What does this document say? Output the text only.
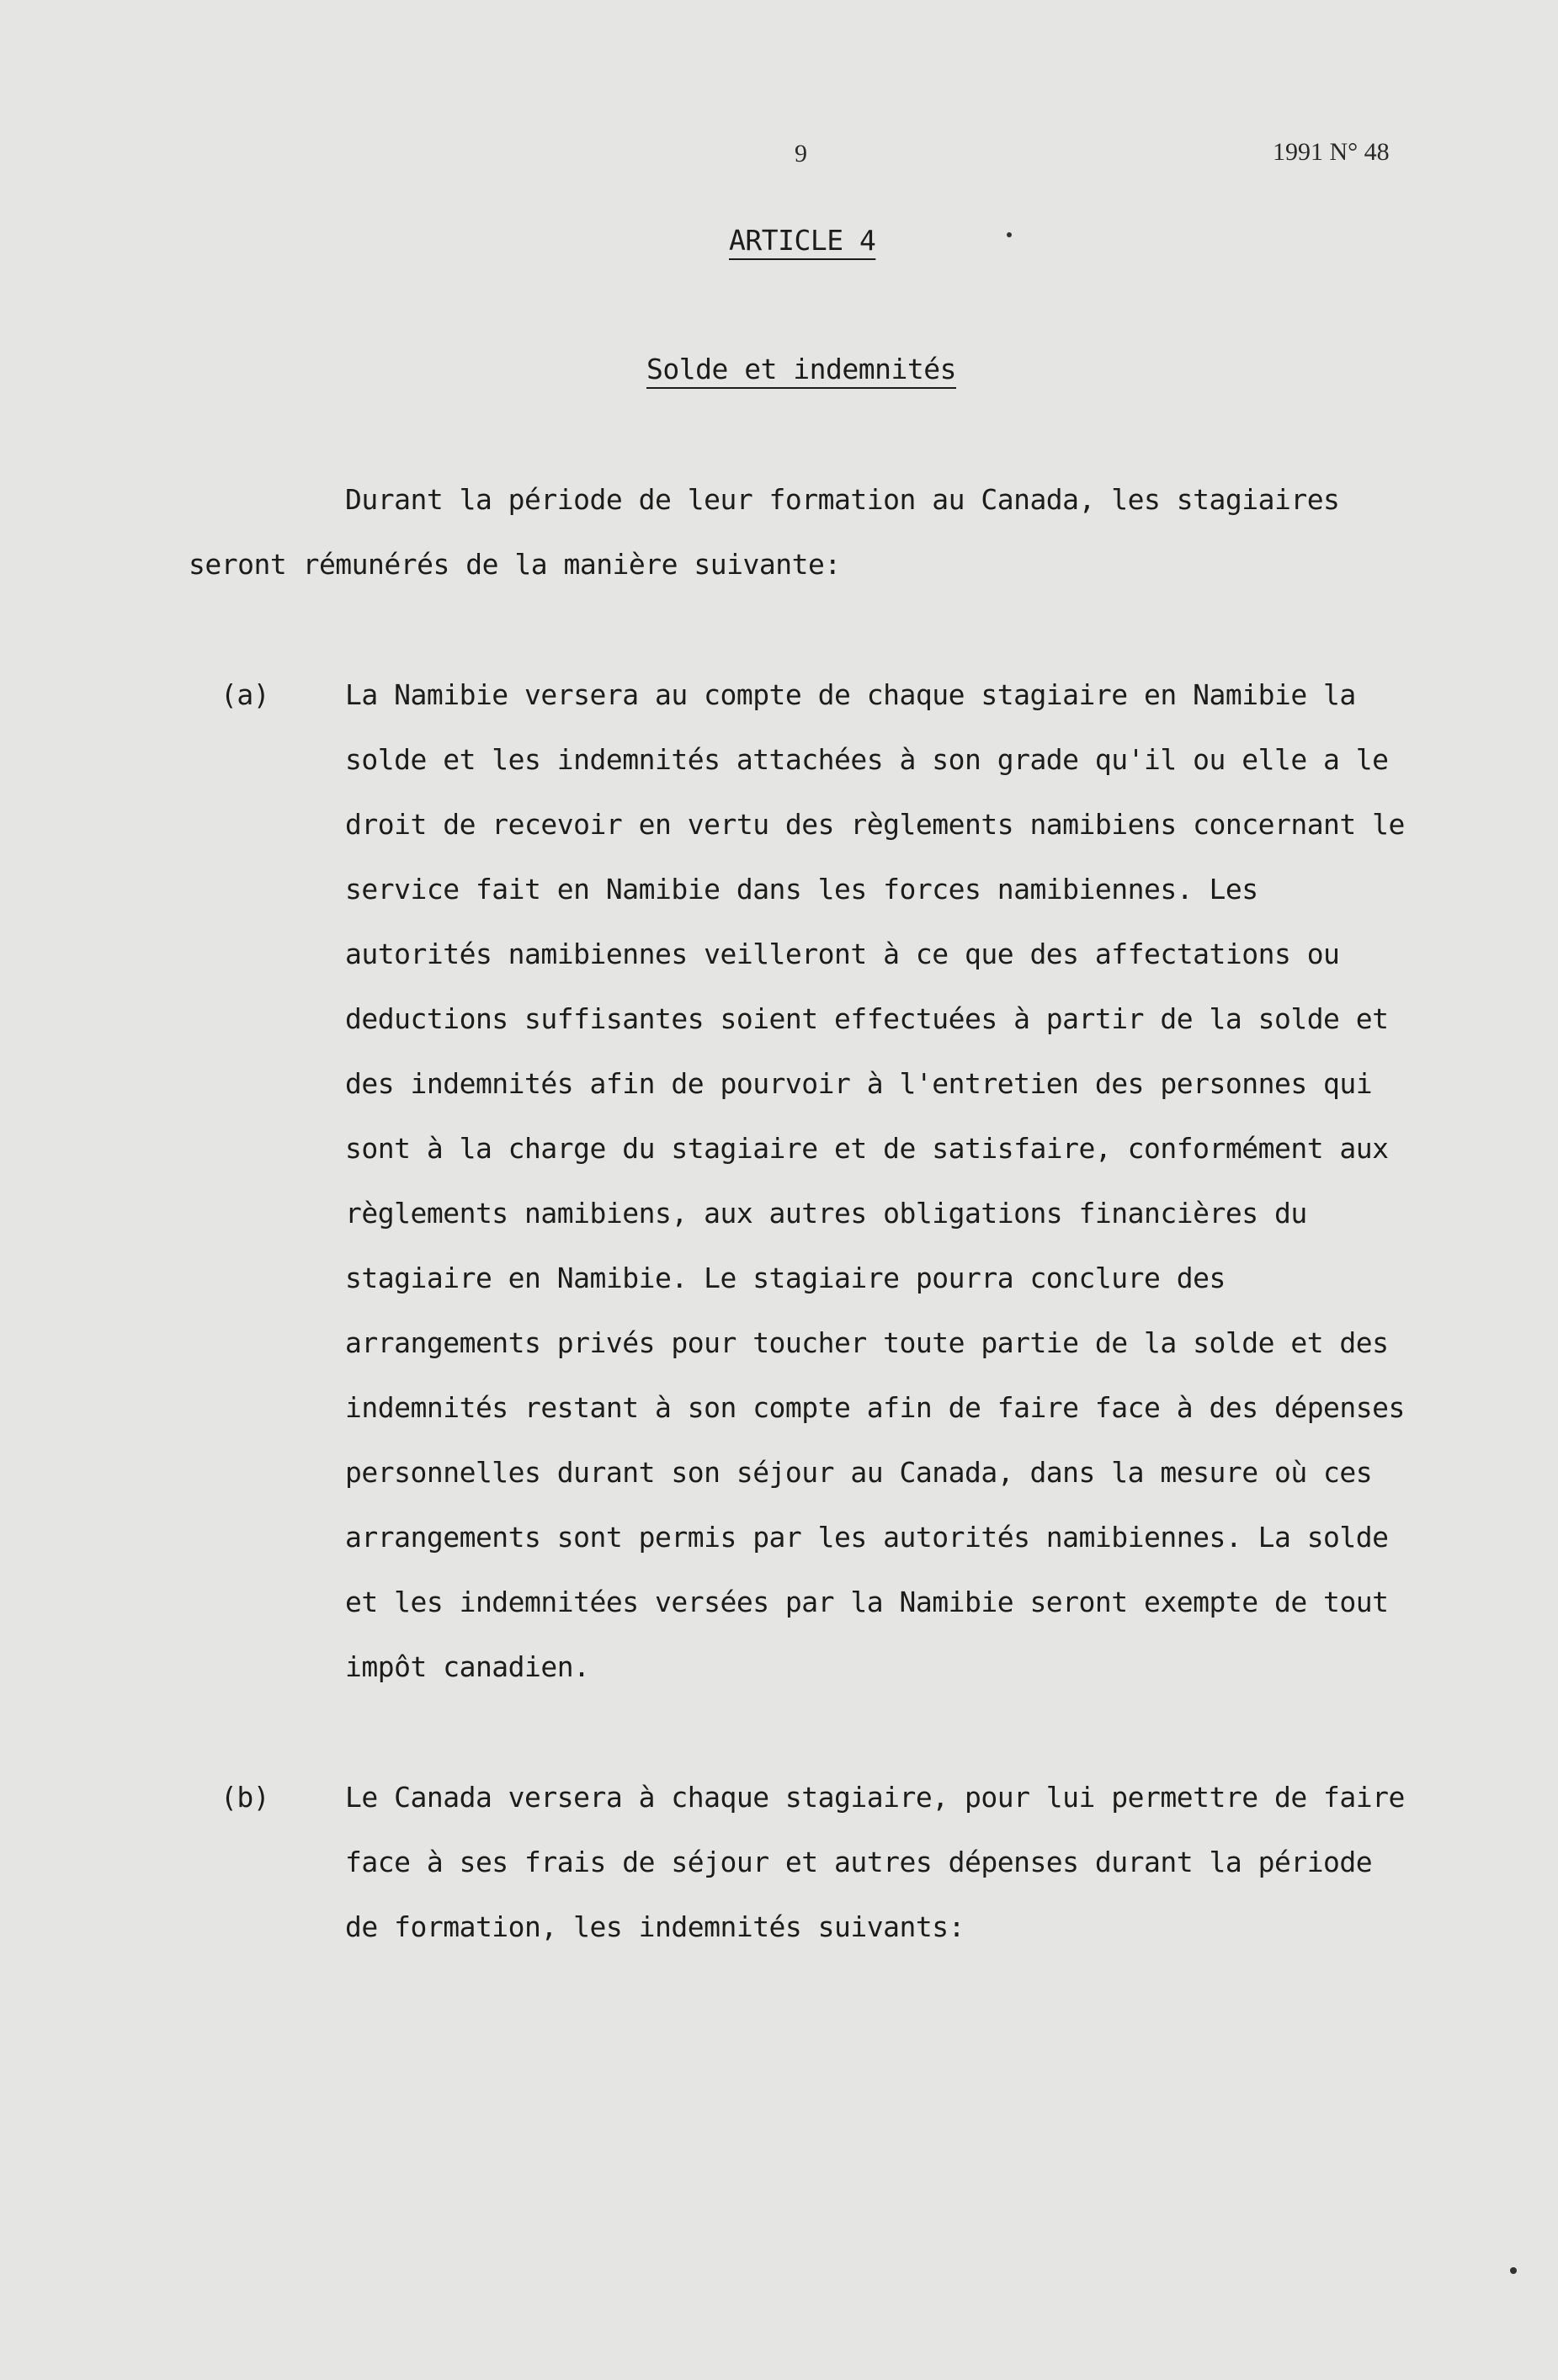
9	1991 N° 48
ARTICLE 4
Solde et indemnités
Durant la période de leur formation au Canada, les stagiaires
seront rémunérés de la manière suivante:
(a)	La Namibie versera au compte de chaque stagiaire en Namibie la
solde et les indemnités attachées à son grade qu'il ou elle a le
droit de recevoir en vertu des règlements namibiens concernant le
service fait en Namibie dans les forces namibiennes. Les
autorités namibiennes veilleront à ce que des affectations ou
deductions suffisantes soient effectuées à partir de la solde et
des indemnités afin de pourvoir à l'entretien des personnes qui
sont à la charge du stagiaire et de satisfaire, conformément aux
règlements namibiens, aux autres obligations financières du
stagiaire en Namibie. Le stagiaire pourra conclure des
arrangements privés pour toucher toute partie de la solde et des
indemnités restant à son compte afin de faire face à des dépenses
personnelles durant son séjour au Canada, dans la mesure où ces
arrangements sont permis par les autorités namibiennes. La solde
et les indemnitées versées par la Namibie seront exempte de tout
impôt canadien.
(b)	Le Canada versera à chaque stagiaire, pour lui permettre de faire
face à ses frais de séjour et autres dépenses durant la période
de formation, les indemnités suivants:
